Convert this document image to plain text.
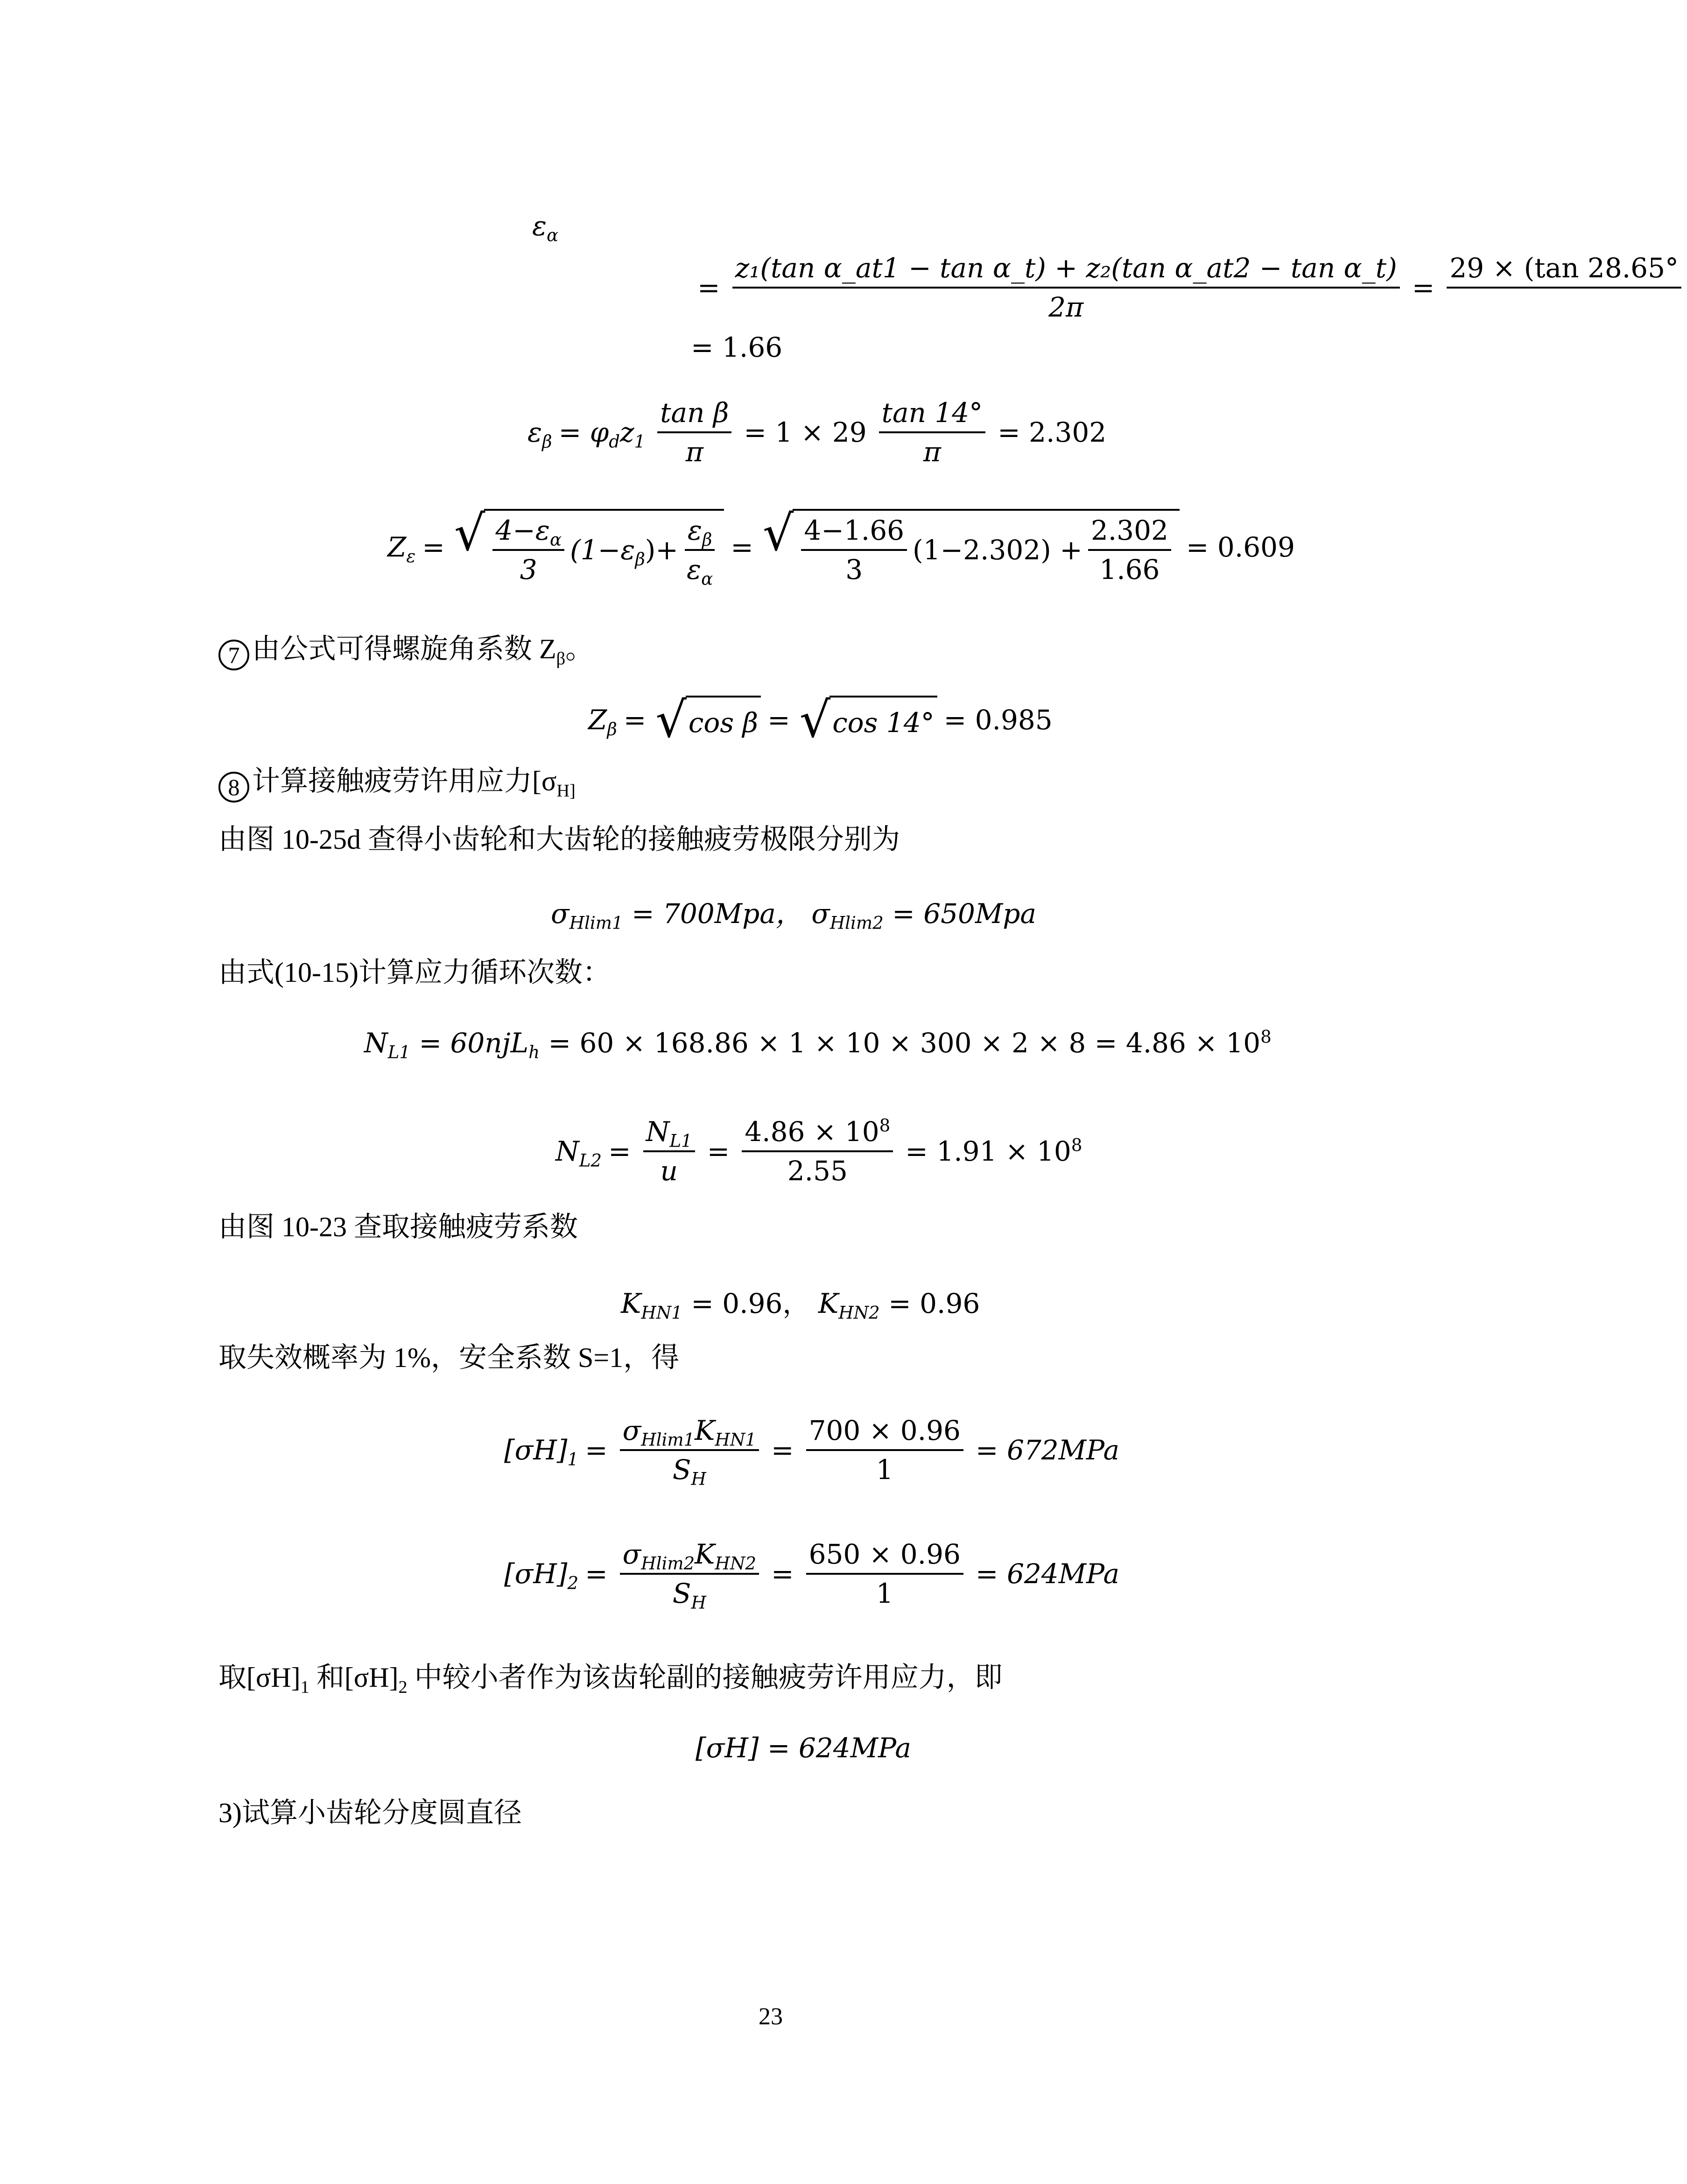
$\varepsilon_\alpha$
= $\frac{\text{z₁(tan α\_at1 − tan α\_t) + z₂(tan α\_at2 − tan α\_t)}}{2\pi}$ =
29 × (tan 28.65°

= 1.66
$\varepsilon_\beta = \varphi_dz_1 \frac{\text{tan β}}{\pi} = 1 \times 29 \frac{\tan 14^\circ}{\pi} = 2.302$
$Z_\varepsilon$ = √ $\frac{4-\varepsilon_\alpha}{3} (1-\varepsilon_\beta$ )+ $\frac{\varepsilon_\beta}{\varepsilon_\alpha}$ = √ $\frac{4-1.66}{3} (1-2.302) + \frac{2.302}{1.66} = 0.609$
7 由公式可得螺旋角系数 $Z_\beta$。
$Z_\beta$ = √ cos β = √ cos 14° = 0.985
8 计算接触疲劳许用应力[$\sigma_{H]}$
由图 10-25d 查得小齿轮和大齿轮的接触疲劳极限分别为
$\sigma_{Hlim1} = 700Mpa$， $\sigma_{Hlim2} = 650Mpa$
由式(10-15)计算应力循环次数：
$N_{L1} = 60njL_h = 60 \times 168.86 \times 1 \times 10 \times 300 \times 2 \times 8 = 4.86 \times 10^8$
$N_{L2} = \frac{N_{L1}}{u} = \frac{4.86 \times 10^8}{2.55} = 1.91 \times 10^8$
由图 10-23 查取接触疲劳系数
$K_{HN1} = 0.96$， $K_{HN2} = 0.96$
取失效概率为 1%，安全系数 S=1，得
$[\sigma H]_1 = \frac{\sigma_{Hlim1}K_{HN1}}{S_H} = \frac{700 \times 0.96}{1} = 672MPa$
$[\sigma H]_2 = \frac{\sigma_{Hlim2}K_{HN2}}{S_H} = \frac{650 \times 0.96}{1} = 624MPa$
取$[\sigma H]_1$ 和$[\sigma H]_2$ 中较小者作为该齿轮副的接触疲劳许用应力，即
[σH] = 624MPa
3)试算小齿轮分度圆直径
23
